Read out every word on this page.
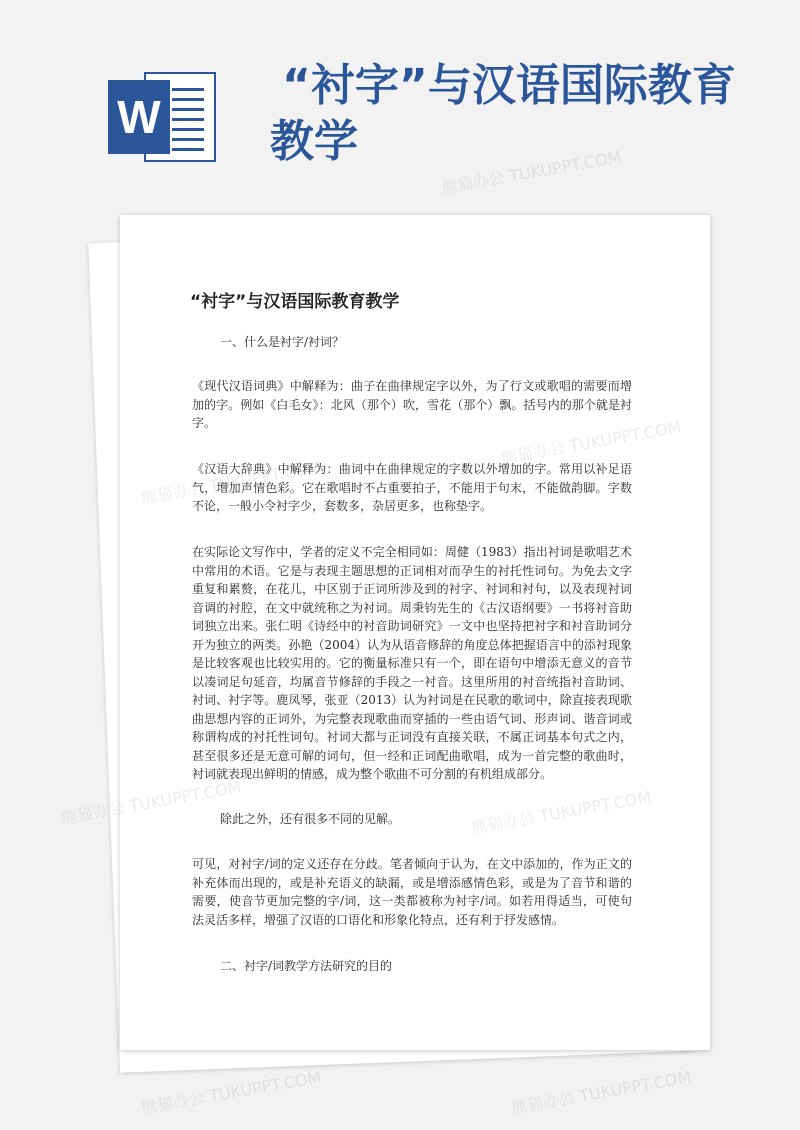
W
“衬字”与汉语国际教育教学
“衬字”与汉语国际教育教学

一、什么是衬字/衬词？

《现代汉语词典》中解释为：曲子在曲律规定字以外，为了行文或歌唱的需要而增加的字。例如《白毛女》：北风（那个）吹，雪花（那个）飘。括号内的那个就是衬字。

《汉语大辞典》中解释为：曲词中在曲律规定的字数以外增加的字。常用以补足语气，增加声情色彩。它在歌唱时不占重要拍子，不能用于句末，不能做韵脚。字数不论，一般小令衬字少，套数多，杂居更多，也称垫字。

在实际论文写作中，学者的定义不完全相同如：周健（1983）指出衬词是歌唱艺术中常用的术语。它是与表现主题思想的正词相对而孕生的衬托性词句。为免去文字重复和累赘，在花儿，中区别于正词所涉及到的衬字、衬词和衬句，以及表现衬词音调的衬腔，在文中就统称之为衬词。周秉钧先生的《古汉语纲要》一书将衬音助词独立出来。张仁明《诗经中的衬音助词研究》一文中也坚持把衬字和衬音助词分开为独立的两类。孙艳（2004）认为从语音修辞的角度总体把握语言中的添衬现象是比较客观也比较实用的。它的衡量标准只有一个，即在语句中增添无意义的音节以凑词足句延音，均属音节修辞的手段之一衬音。这里所用的衬音统指衬音助词、衬词、衬字等。鹿凤琴，张亚（2013）认为衬词是在民歌的歌词中，除直接表现歌曲思想内容的正词外，为完整表现歌曲而穿插的一些由语气词、形声词、谐音词或称谓构成的衬托性词句。衬词大都与正词没有直接关联，不属正词基本句式之内，甚至很多还是无意可解的词句，但一经和正词配曲歌唱，成为一首完整的歌曲时，衬词就表现出鲜明的情感，成为整个歌曲不可分割的有机组成部分。

除此之外，还有很多不同的见解。

可见，对衬字/词的定义还存在分歧。笔者倾向于认为，在文中添加的，作为正文的补充体而出现的，或是补充语义的缺漏，或是增添感情色彩，或是为了音节和谐的需要，使音节更加完整的字/词，这一类都被称为衬字/词。如若用得适当，可使句法灵活多样，增强了汉语的口语化和形象化特点，还有利于抒发感情。

二、衬字/词教学方法研究的目的

熊猫办公 TUKUPPT.COM
熊猫办公
熊猫办公 TUKUPPT.COM	熊猫办公 TUKUPPT.COM
